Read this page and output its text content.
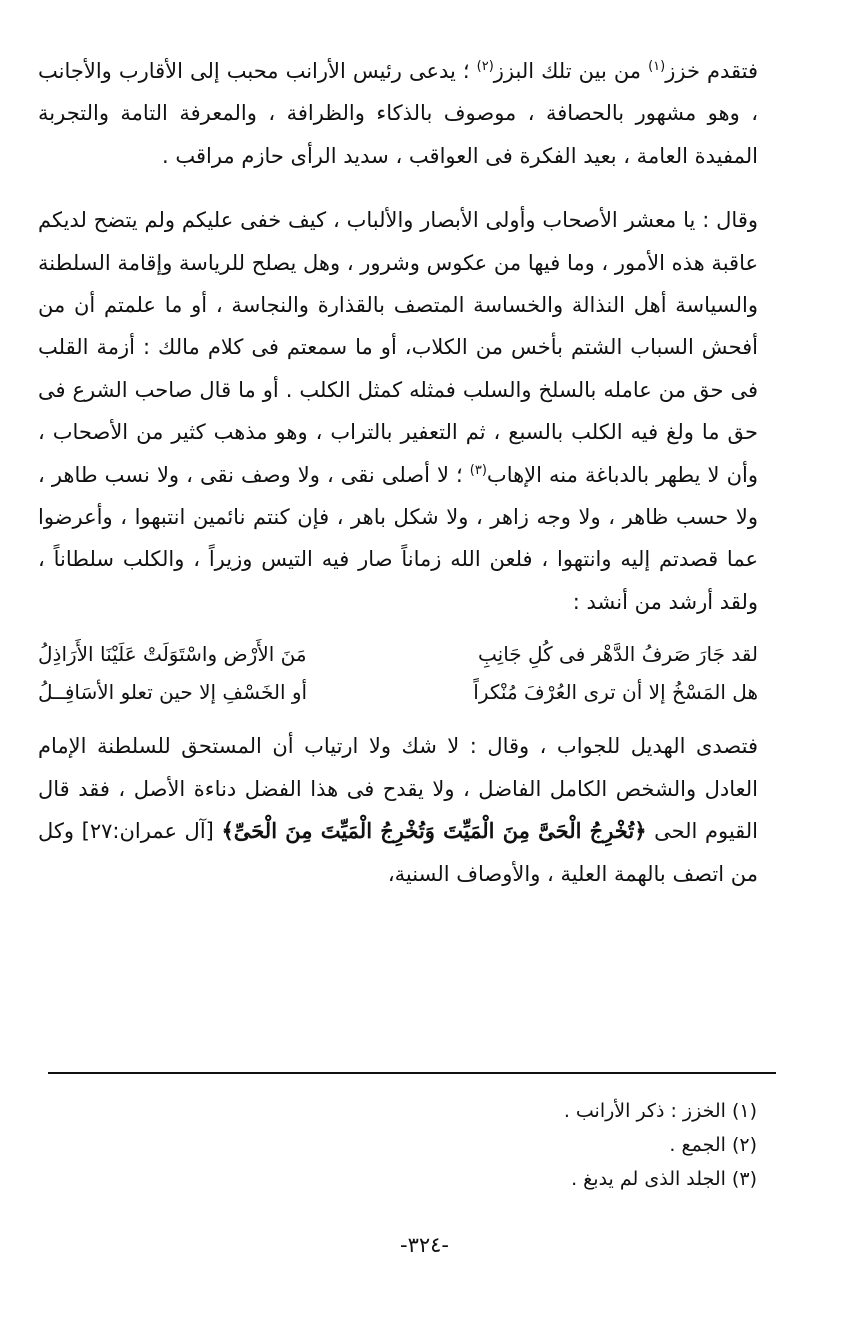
فتقدم خزز$^{(١)}$ من بين تلك البزز$^{(٢)}$ ؛ يدعى رئيس الأرانب محبب إلى الأقارب والأجانب ، وهو مشهور بالحصافة ، موصوف بالذكاء والظرافة ، والمعرفة التامة والتجربة المفيدة العامة ، بعيد الفكرة فى العواقب ، سديد الرأى حازم مراقب .

وقال : يا معشر الأصحاب وأولى الأبصار والألباب ، كيف خفى عليكم ولم يتضح لديكم عاقبة هذه الأمور ، وما فيها من عكوس وشرور ، وهل يصلح للرياسة وإقامة السلطنة والسياسة أهل النذالة والخساسة المتصف بالقذارة والنجاسة ، أو ما علمتم أن من أفحش السباب الشتم بأخس من الكلاب، أو ما سمعتم فى كلام مالك : أزمة القلب فى حق من عامله بالسلخ والسلب فمثله كمثل الكلب . أو ما قال صاحب الشرع فى حق ما ولغ فيه الكلب بالسبع ، ثم التعفير بالتراب ، وهو مذهب كثير من الأصحاب ، وأن لا يطهر بالدباغة منه الإهاب$^{(٣)}$ ؛ لا أصلى نقى ، ولا وصف نقى ، ولا نسب طاهر ، ولا حسب ظاهر ، ولا وجه زاهر ، ولا شكل باهر ، فإن كنتم نائمين انتبهوا ، وأعرضوا عما قصدتم إليه وانتهوا ، فلعن الله زماناً صار فيه التيس وزيراً ، والكلب سلطاناً ، ولقد أرشد من أنشد :

لقد جَارَ صَرفُ الدَّهْر فى كُلِ جَانِبِ
مَنَ الأَرْض واسْتَوَلَتْ عَلَيْنَا الأَرَاذِلُ
هل المَسْخُ إلا أن ترى العُرْفَ مُنْكراً
أو الخَسْفِ إلا حين تعلو الأسَافِــلُ

فتصدى الهديل للجواب ، وقال : لا شك ولا ارتياب أن المستحق للسلطنة الإمام العادل والشخص الكامل الفاضل ، ولا يقدح فى هذا الفضل دناءة الأصل ، فقد قال القيوم الحى ﴿تُخْرِجُ الْحَىَّ مِنَ الْمَيِّتَ وَتُخْرِجُ الْمَيِّتَ مِنَ الْحَىِّ﴾ [آل عمران:٢٧] وكل من اتصف بالهمة العلية ، والأوصاف السنية،

(١) الخزز : ذكر الأرانب .
(٢) الجمع .
(٣) الجلد الذى لم يدبغ .
-٣٢٤-
